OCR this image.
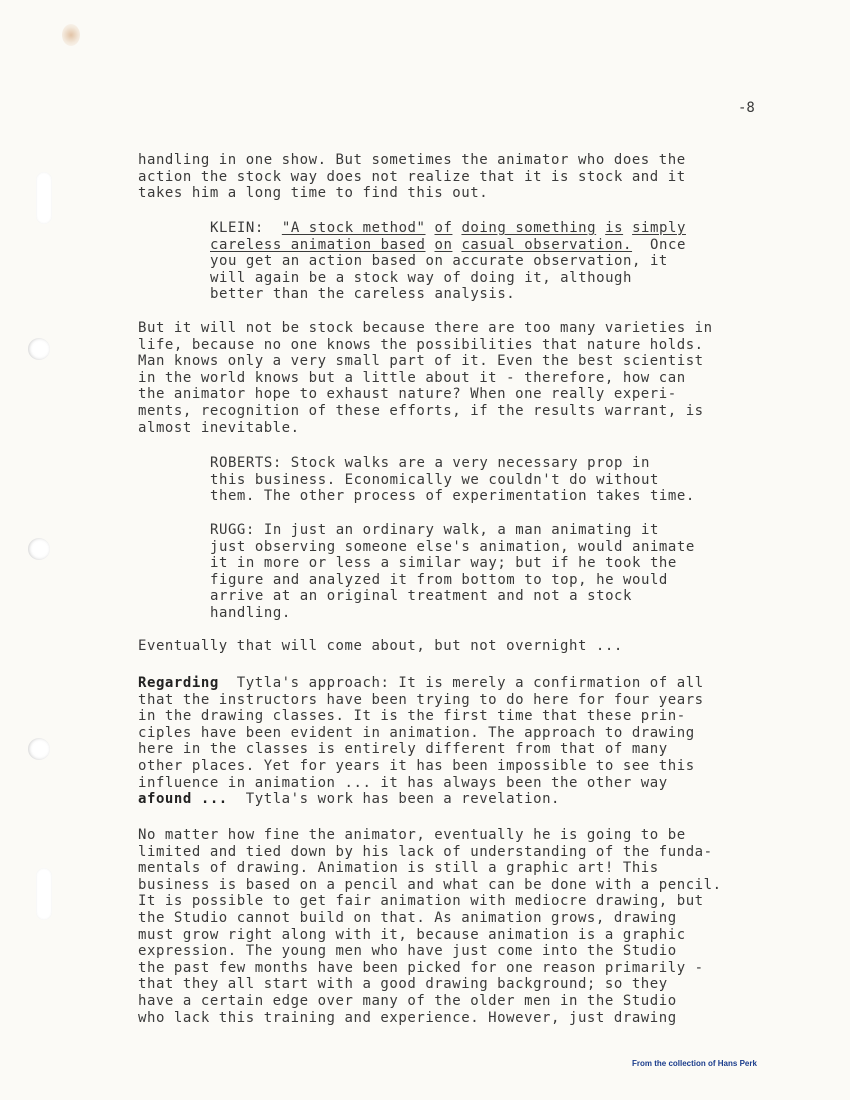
-8
handling in one show. But sometimes the animator who does the
action the stock way does not realize that it is stock and it
takes him a long time to find this out.
KLEIN: "A stock method" of doing something is simply
careless animation based on casual observation. Once
you get an action based on accurate observation, it
will again be a stock way of doing it, although
better than the careless analysis.
But it will not be stock because there are too many varieties in
life, because no one knows the possibilities that nature holds.
Man knows only a very small part of it. Even the best scientist
in the world knows but a little about it - therefore, how can
the animator hope to exhaust nature? When one really experi-
ments, recognition of these efforts, if the results warrant, is
almost inevitable.
ROBERTS: Stock walks are a very necessary prop in
this business. Economically we couldn't do without
them. The other process of experimentation takes time.
RUGG: In just an ordinary walk, a man animating it
just observing someone else's animation, would animate
it in more or less a similar way; but if he took the
figure and analyzed it from bottom to top, he would
arrive at an original treatment and not a stock
handling.
Eventually that will come about, but not overnight ...
Regarding Tytla's approach: It is merely a confirmation of all
that the instructors have been trying to do here for four years
in the drawing classes. It is the first time that these prin-
ciples have been evident in animation. The approach to drawing
here in the classes is entirely different from that of many
other places. Yet for years it has been impossible to see this
influence in animation ... it has always been the other way
afound ... Tytla's work has been a revelation.
No matter how fine the animator, eventually he is going to be
limited and tied down by his lack of understanding of the funda-
mentals of drawing. Animation is still a graphic art! This
business is based on a pencil and what can be done with a pencil.
It is possible to get fair animation with mediocre drawing, but
the Studio cannot build on that. As animation grows, drawing
must grow right along with it, because animation is a graphic
expression. The young men who have just come into the Studio
the past few months have been picked for one reason primarily -
that they all start with a good drawing background; so they
have a certain edge over many of the older men in the Studio
who lack this training and experience. However, just drawing
From the collection of Hans Perk
